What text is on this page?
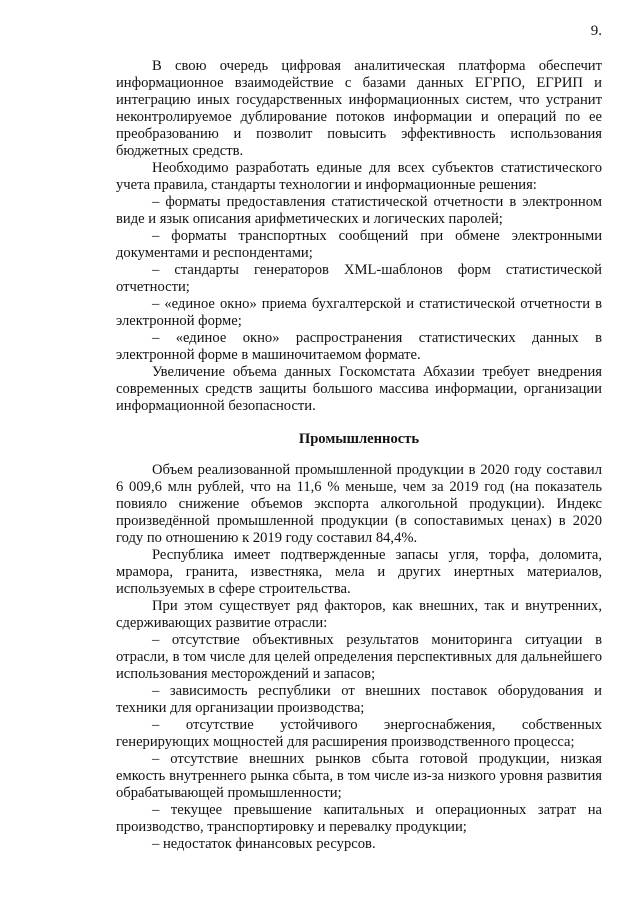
9.

В свою очередь цифровая аналитическая платформа обеспечит информационное взаимодействие с базами данных ЕГРПО, ЕГРИП и интеграцию иных государственных информационных систем, что устранит неконтролируемое дублирование потоков информации и операций по ее преобразованию и позволит повысить эффективность использования бюджетных средств.

Необходимо разработать единые для всех субъектов статистического учета правила, стандарты технологии и информационные решения:

– форматы предоставления статистической отчетности в электронном виде и язык описания арифметических и логических паролей;

– форматы транспортных сообщений при обмене электронными документами и респондентами;

– стандарты генераторов XML-шаблонов форм статистической отчетности;

– «единое окно» приема бухгалтерской и статистической отчетности в электронной форме;

– «единое окно» распространения статистических данных в электронной форме в машиночитаемом формате.

Увеличение объема данных Госкомстата Абхазии требует внедрения современных средств защиты большого массива информации, организации информационной безопасности.

Промышленность

Объем реализованной промышленной продукции в 2020 году составил 6 009,6 млн рублей, что на 11,6 % меньше, чем за 2019 год (на показатель повияло снижение объемов экспорта алкогольной продукции). Индекс произведённой промышленной продукции (в сопоставимых ценах) в 2020 году по отношению к 2019 году составил 84,4%.

Республика имеет подтвержденные запасы угля, торфа, доломита, мрамора, гранита, известняка, мела и других инертных материалов, используемых в сфере строительства.

При этом существует ряд факторов, как внешних, так и внутренних, сдерживающих развитие отрасли:

– отсутствие объективных результатов мониторинга ситуации в отрасли, в том числе для целей определения перспективных для дальнейшего использования месторождений и запасов;

– зависимость республики от внешних поставок оборудования и техники для организации производства;

– отсутствие устойчивого энергоснабжения, собственных генерирующих мощностей для расширения производственного процесса;

– отсутствие внешних рынков сбыта готовой продукции, низкая емкость внутреннего рынка сбыта, в том числе из-за низкого уровня развития обрабатывающей промышленности;

– текущее превышение капитальных и операционных затрат на производство, транспортировку и перевалку продукции;

– недостаток финансовых ресурсов.
